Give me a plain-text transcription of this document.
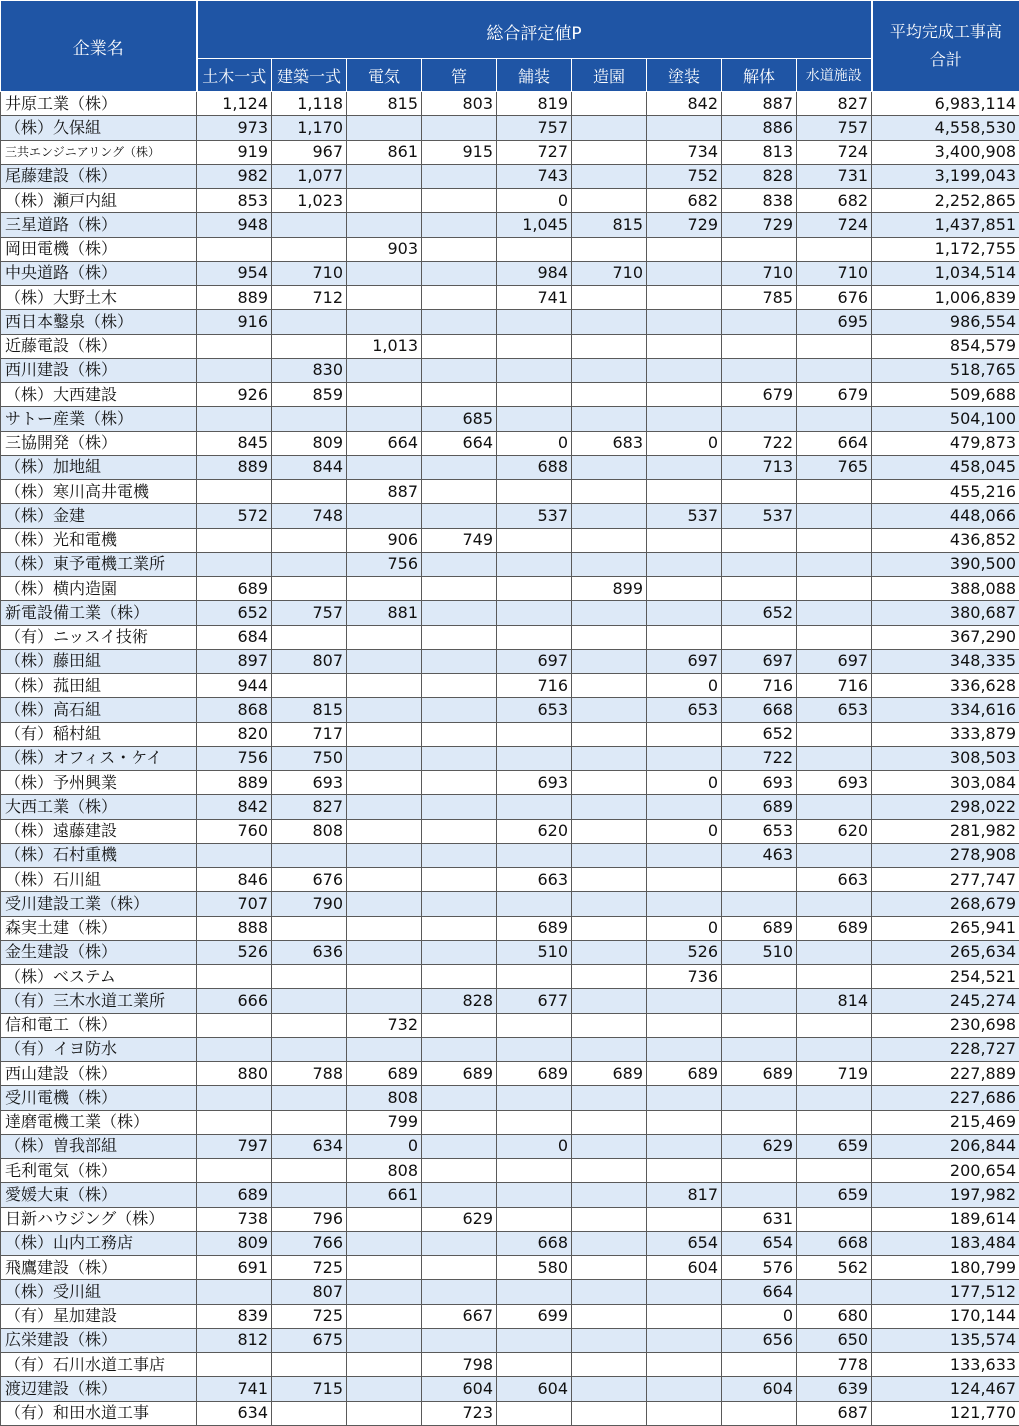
企業名	総合評定値P									平均完成工事高
合計
	土木一式	建築一式	電気	管	舗装	造園	塗装	解体	水道施設	
井原工業（株）	1,124	1,118	815	803	819		842	887	827	6,983,114
（株）久保組	973	1,170			757			886	757	4,558,530
三共エンジニアリング（株）	919	967	861	915	727		734	813	724	3,400,908
尾藤建設（株）	982	1,077			743		752	828	731	3,199,043
（株）瀬戸内組	853	1,023			0		682	838	682	2,252,865
三星道路（株）	948				1,045	815	729	729	724	1,437,851
岡田電機（株）			903							1,172,755
中央道路（株）	954	710			984	710		710	710	1,034,514
（株）大野土木	889	712			741			785	676	1,006,839
西日本鑿泉（株）	916								695	986,554
近藤電設（株）			1,013							854,579
西川建設（株）		830								518,765
（株）大西建設	926	859						679	679	509,688
サトー産業（株）				685						504,100
三協開発（株）	845	809	664	664	0	683	0	722	664	479,873
（株）加地組	889	844			688			713	765	458,045
（株）寒川高井電機			887							455,216
（株）金建	572	748			537		537	537		448,066
（株）光和電機			906	749						436,852
（株）東予電機工業所			756							390,500
（株）横内造園	689					899				388,088
新電設備工業（株）	652	757	881					652		380,687
（有）ニッスイ技術	684									367,290
（株）藤田組	897	807			697		697	697	697	348,335
（株）菰田組	944				716		0	716	716	336,628
（株）高石組	868	815			653		653	668	653	334,616
（有）稲村組	820	717						652		333,879
（株）オフィス・ケイ	756	750						722		308,503
（株）予州興業	889	693			693		0	693	693	303,084
大西工業（株）	842	827						689		298,022
（株）遠藤建設	760	808			620		0	653	620	281,982
（株）石村重機								463		278,908
（株）石川組	846	676			663				663	277,747
受川建設工業（株）	707	790								268,679
森実土建（株）	888				689		0	689	689	265,941
金生建設（株）	526	636			510		526	510		265,634
（株）ベステム							736			254,521
（有）三木水道工業所	666			828	677				814	245,274
信和電工（株）			732							230,698
（有）イヨ防水										228,727
西山建設（株）	880	788	689	689	689	689	689	689	719	227,889
受川電機（株）			808							227,686
達磨電機工業（株）			799							215,469
（株）曽我部組	797	634	0		0			629	659	206,844
毛利電気（株）			808							200,654
愛媛大東（株）	689		661				817		659	197,982
日新ハウジング（株）	738	796		629				631		189,614
（株）山内工務店	809	766			668		654	654	668	183,484
飛鷹建設（株）	691	725			580		604	576	562	180,799
（株）受川組		807						664		177,512
（有）星加建設	839	725		667	699			0	680	170,144
広栄建設（株）	812	675						656	650	135,574
（有）石川水道工事店				798					778	133,633
渡辺建設（株）	741	715		604	604			604	639	124,467
（有）和田水道工事	634			723					687	121,770
